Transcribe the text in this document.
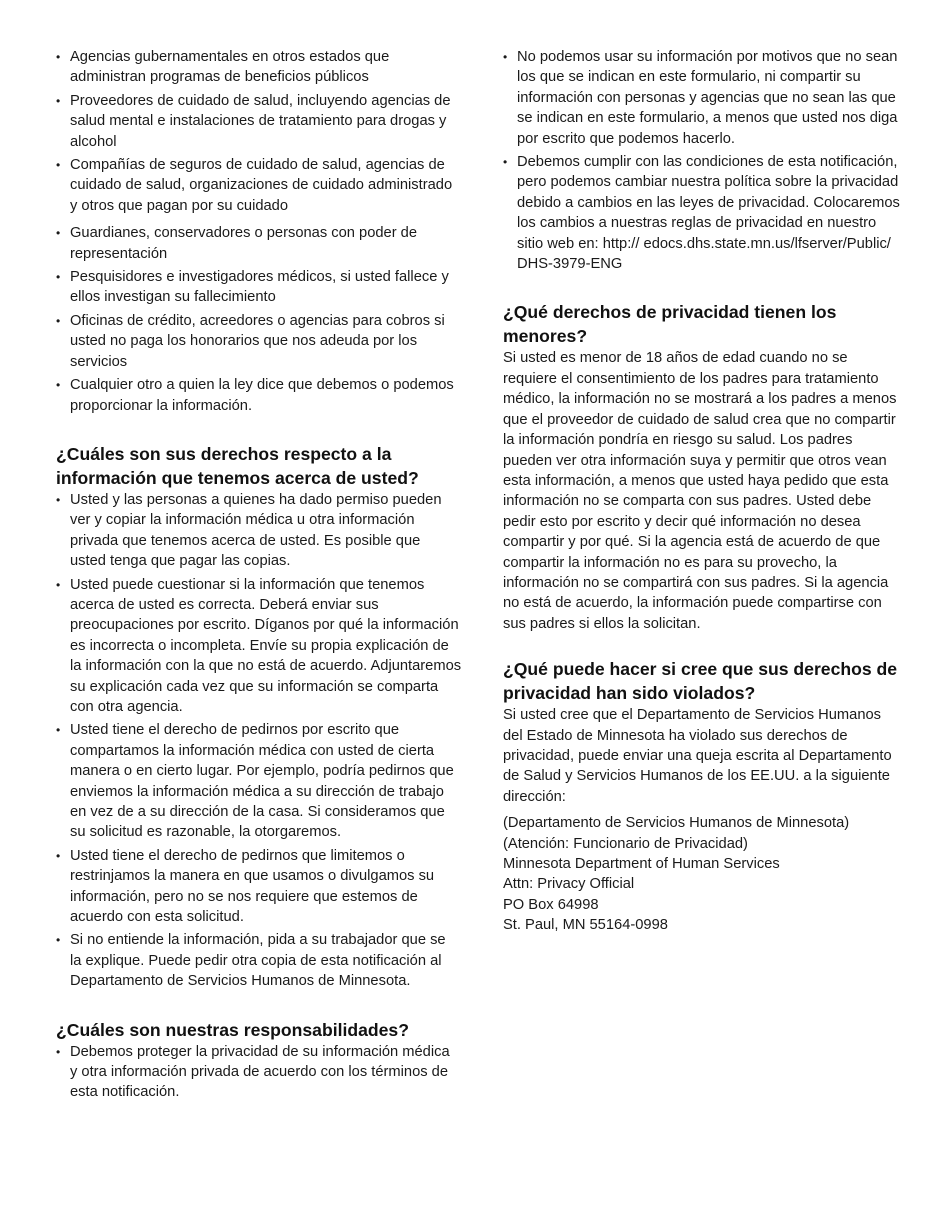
• Agencias gubernamentales en otros estados que administran programas de beneficios públicos
• Proveedores de cuidado de salud, incluyendo agencias de salud mental e instalaciones de tratamiento para drogas y alcohol
• Compañías de seguros de cuidado de salud, agencias de cuidado de salud, organizaciones de cuidado administrado y otros que pagan por su cuidado
• Guardianes, conservadores o personas con poder de representación
• Pesquisidores e investigadores médicos, si usted fallece y ellos investigan su fallecimiento
• Oficinas de crédito, acreedores o agencias para cobros si usted no paga los honorarios que nos adeuda por los servicios
• Cualquier otro a quien la ley dice que debemos o podemos proporcionar la información.
¿Cuáles son sus derechos respecto a la información que tenemos acerca de usted?
• Usted y las personas a quienes ha dado permiso pueden ver y copiar la información médica u otra información privada que tenemos acerca de usted. Es posible que usted tenga que pagar las copias.
• Usted puede cuestionar si la información que tenemos acerca de usted es correcta. Deberá enviar sus preocupaciones por escrito. Díganos por qué la información es incorrecta o incompleta. Envíe su propia explicación de la información con la que no está de acuerdo. Adjuntaremos su explicación cada vez que su información se comparta con otra agencia.
• Usted tiene el derecho de pedirnos por escrito que compartamos la información médica con usted de cierta manera o en cierto lugar. Por ejemplo, podría pedirnos que enviemos la información médica a su dirección de trabajo en vez de a su dirección de la casa. Si consideramos que su solicitud es razonable, la otorgaremos.
• Usted tiene el derecho de pedirnos que limitemos o restrinjamos la manera en que usamos o divulgamos su información, pero no se nos requiere que estemos de acuerdo con esta solicitud.
• Si no entiende la información, pida a su trabajador que se la explique. Puede pedir otra copia de esta notificación al Departamento de Servicios Humanos de Minnesota.
¿Cuáles son nuestras responsabilidades?
• Debemos proteger la privacidad de su información médica y otra información privada de acuerdo con los términos de esta notificación.
• No podemos usar su información por motivos que no sean los que se indican en este formulario, ni compartir su información con personas y agencias que no sean las que se indican en este formulario, a menos que usted nos diga por escrito que podemos hacerlo.
• Debemos cumplir con las condiciones de esta notificación, pero podemos cambiar nuestra política sobre la privacidad debido a cambios en las leyes de privacidad. Colocaremos los cambios a nuestras reglas de privacidad en nuestro sitio web en: http:// edocs.dhs.state.mn.us/lfserver/Public/ DHS-3979-ENG
¿Qué derechos de privacidad tienen los menores?

Si usted es menor de 18 años de edad cuando no se requiere el consentimiento de los padres para tratamiento médico, la información no se mostrará a los padres a menos que el proveedor de cuidado de salud crea que no compartir la información pondría en riesgo su salud. Los padres pueden ver otra información suya y permitir que otros vean esta información, a menos que usted haya pedido que esta información no se comparta con sus padres. Usted debe pedir esto por escrito y decir qué información no desea compartir y por qué. Si la agencia está de acuerdo de que compartir la información no es para su provecho, la información no se compartirá con sus padres. Si la agencia no está de acuerdo, la información puede compartirse con sus padres si ellos la solicitan.

¿Qué puede hacer si cree que sus derechos de privacidad han sido violados?

Si usted cree que el Departamento de Servicios Humanos del Estado de Minnesota ha violado sus derechos de privacidad, puede enviar una queja escrita al Departamento de Salud y Servicios Humanos de los EE.UU. a la siguiente dirección:

(Departamento de Servicios Humanos de Minnesota)

(Atención: Funcionario de Privacidad)

Minnesota Department of Human Services

Attn: Privacy Official

PO Box 64998

St. Paul, MN 55164-0998
